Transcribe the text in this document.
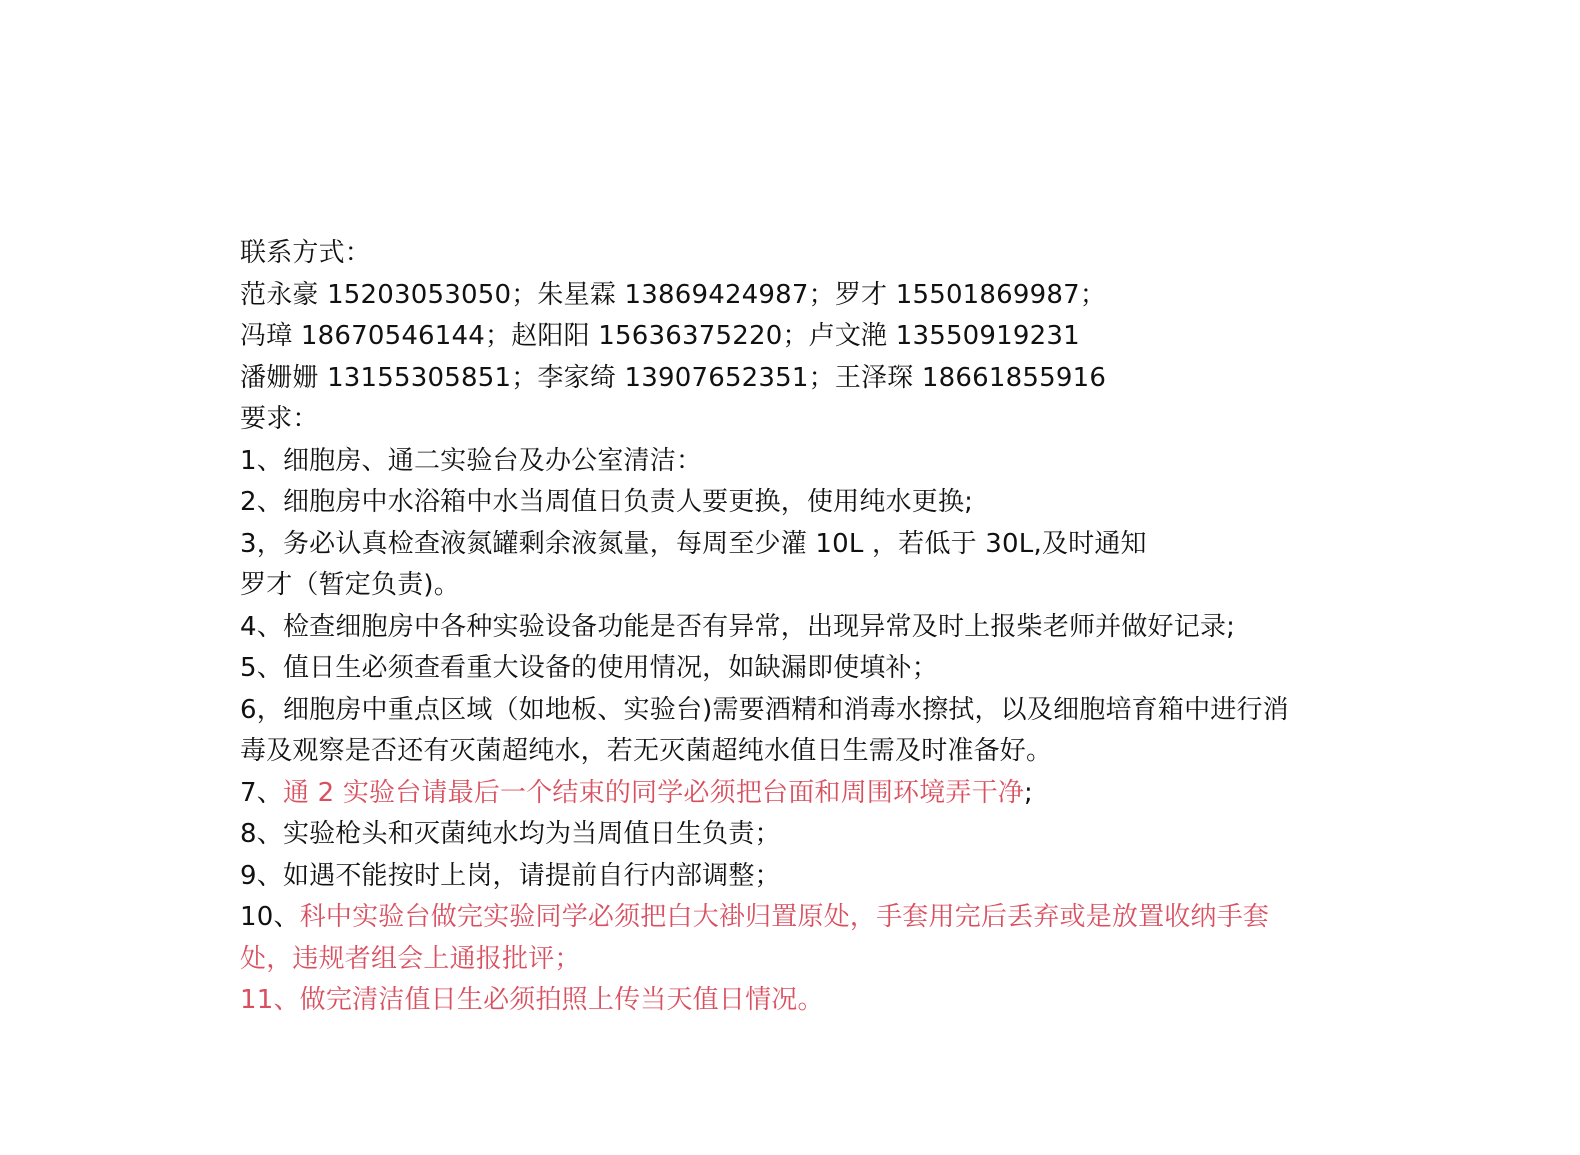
联系方式：
范永豪 15203053050；朱星霖 13869424987；罗才 15501869987；
冯璋 18670546144；赵阳阳 15636375220；卢文滟 13550919231
潘姗姗 13155305851；李家绮 13907652351；王泽琛 18661855916
要求：
1、细胞房、通二实验台及办公室清洁：
2、细胞房中水浴箱中水当周值日负责人要更换，使用纯水更换;
3，务必认真检查液氮罐剩余液氮量，每周至少灌 10L ，若低于 30L,及时通知
罗才（暂定负责)。
4、检查细胞房中各种实验设备功能是否有异常，出现异常及时上报柴老师并做好记录;
5、值日生必须查看重大设备的使用情况，如缺漏即使填补；
6，细胞房中重点区域（如地板、实验台)需要酒精和消毒水擦拭，以及细胞培育箱中进行消
毒及观察是否还有灭菌超纯水，若无灭菌超纯水值日生需及时准备好。
7、通 2 实验台请最后一个结束的同学必须把台面和周围环境弄干净;
8、实验枪头和灭菌纯水均为当周值日生负责；
9、如遇不能按时上岗，请提前自行内部调整；
10、科中实验台做完实验同学必须把白大褂归置原处，手套用完后丢弃或是放置收纳手套
处，违规者组会上通报批评；
11、做完清洁值日生必须拍照上传当天值日情况。
